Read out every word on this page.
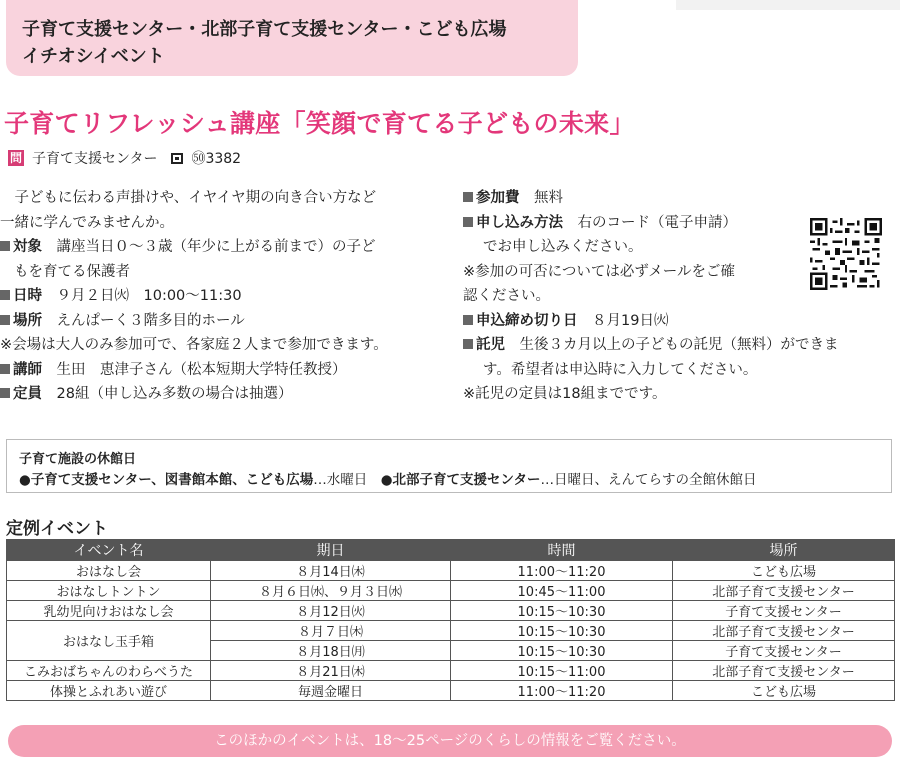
子育て支援センター・北部子育て支援センター・こども広場
イチオシイベント
子育てリフレッシュ講座「笑顔で育てる子どもの未来」
問 子育て支援センター ㊿3382
　子どもに伝わる声掛けや、イヤイヤ期の向き合い方など
一緒に学んでみませんか。
対象　講座当日０～３歳（年少に上がる前まで）の子ど
もを育てる保護者
日時　９月２日㈫　10:00～11:30
場所　えんぱーく３階多目的ホール
※会場は大人のみ参加可で、各家庭２人まで参加できます。
講師　生田　恵津子さん（松本短期大学特任教授）
定員　28組（申し込み多数の場合は抽選）
参加費　無料
申し込み方法　右のコード（電子申請）
でお申し込みください。
※参加の可否については必ずメールをご確
認ください。
申込締め切り日　８月19日㈫
託児　生後３カ月以上の子どもの託児（無料）ができま
す。希望者は申込時に入力してください。
※託児の定員は18組までです。
子育て施設の休館日
●子育て支援センター、図書館本館、こども広場…水曜日　 ●北部子育て支援センター…日曜日、えんてらすの全館休館日
定例イベント
イベント名	期日	時間	場所
おはなし会	８月14日㈭	11:00～11:20	こども広場
おはなしトントン	８月６日㈬、９月３日㈬	10:45～11:00	北部子育て支援センター
乳幼児向けおはなし会	８月12日㈫	10:15～10:30	子育て支援センター
おはなし玉手箱	８月７日㈭	10:15～10:30	北部子育て支援センター
	８月18日㈪	10:15～10:30	子育て支援センター
こみおばちゃんのわらべうた	８月21日㈭	10:15～11:00	北部子育て支援センター
体操とふれあい遊び	毎週金曜日	11:00～11:20	こども広場
このほかのイベントは、18～25ページのくらしの情報をご覧ください。
